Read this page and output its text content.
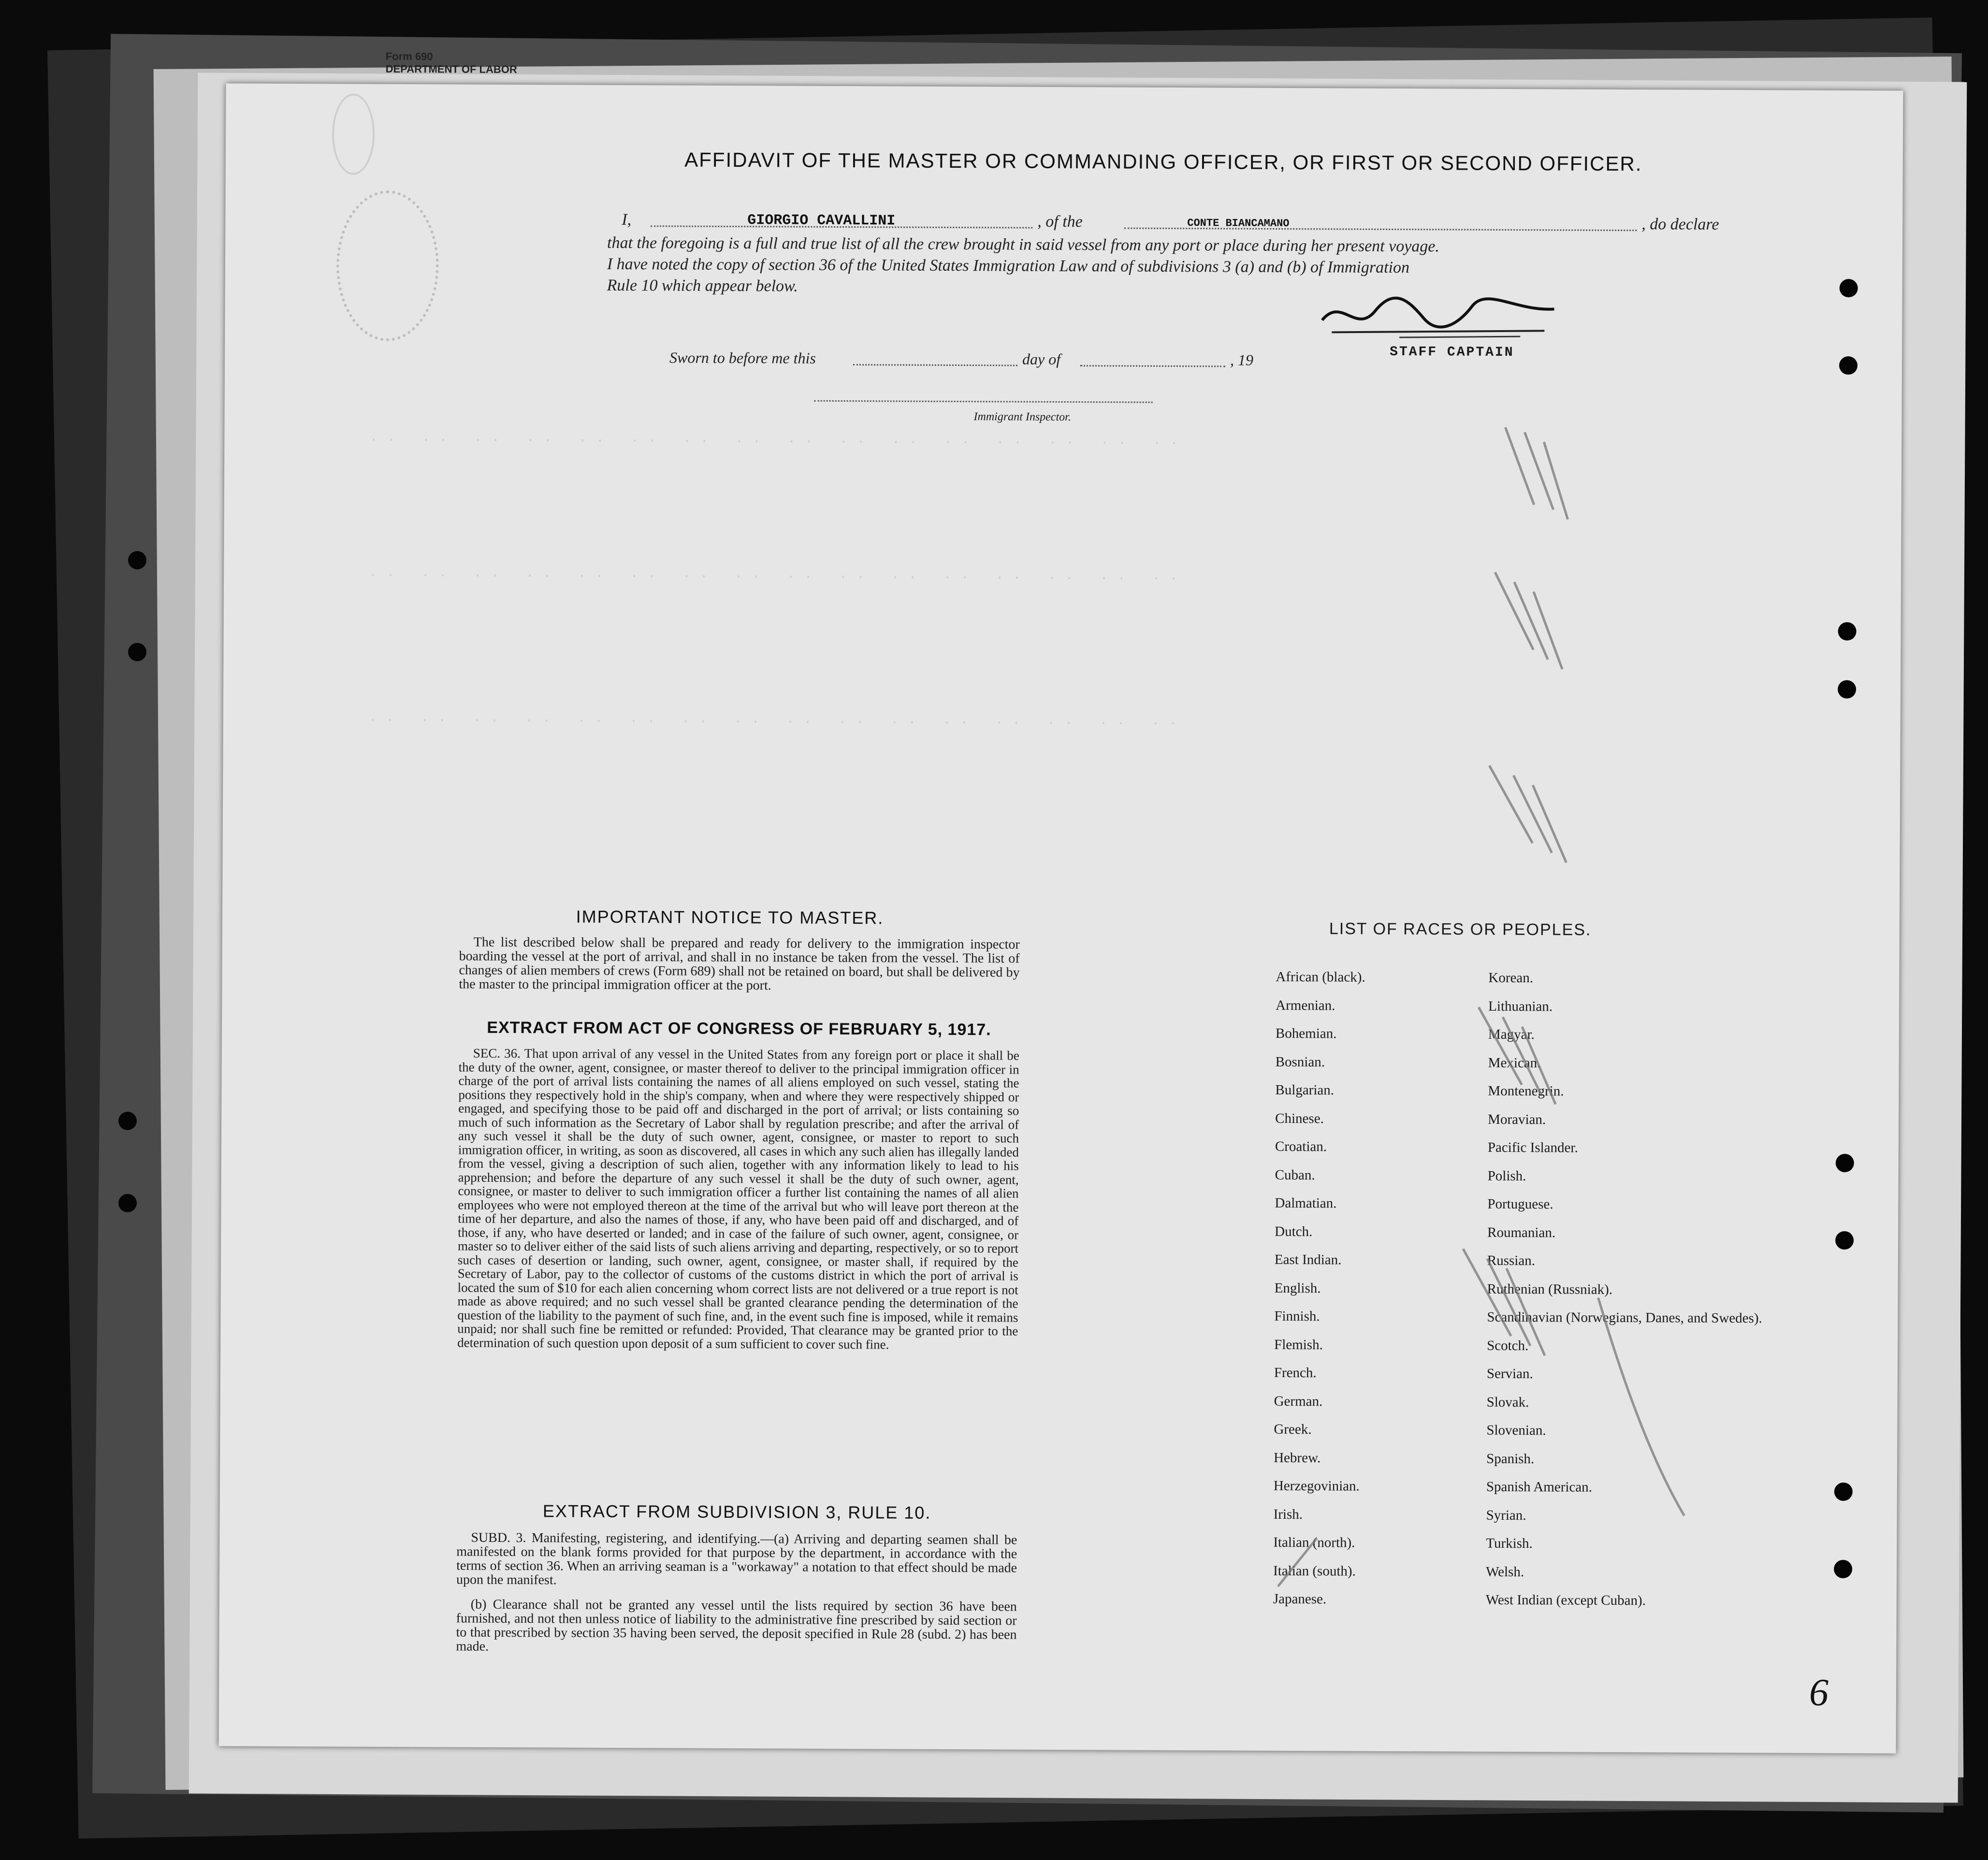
Form 690
DEPARTMENT OF LABOR
AFFIDAVIT OF THE MASTER OR COMMANDING OFFICER, OR FIRST OR SECOND OFFICER.
I,	GIORGIO CAVALLINI	, of the	CONTE BIANCAMANO	, do declare
that the foregoing is a full and true list of all the crew brought in said vessel from any port or place during her present voyage.
I have noted the copy of section 36 of the United States Immigration Law and of subdivisions 3 (a) and (b) of Immigration
Rule 10 which appear below.
STAFF CAPTAIN
Sworn to before me this	day of	, 19
Immigrant Inspector.
·· ·· ·· ·· ·· ·· ·· ·· ·· ·· ·· ·· ·· ·· ·· ··
·· ·· ·· ·· ·· ·· ·· ·· ·· ·· ·· ·· ·· ·· ·· ··
·· ·· ·· ·· ·· ·· ·· ·· ·· ·· ·· ·· ·· ·· ·· ··
IMPORTANT NOTICE TO MASTER.
The list described below shall be prepared and ready for delivery to the immigration inspector boarding the vessel at the port of arrival, and shall in no instance be taken from the vessel. The list of changes of alien members of crews (Form 689) shall not be retained on board, but shall be delivered by the master to the principal immigration officer at the port.
EXTRACT FROM ACT OF CONGRESS OF FEBRUARY 5, 1917.
SEC. 36. That upon arrival of any vessel in the United States from any foreign port or place it shall be the duty of the owner, agent, consignee, or master thereof to deliver to the principal immigration officer in charge of the port of arrival lists containing the names of all aliens employed on such vessel, stating the positions they respectively hold in the ship's company, when and where they were respectively shipped or engaged, and specifying those to be paid off and discharged in the port of arrival; or lists containing so much of such information as the Secretary of Labor shall by regulation prescribe; and after the arrival of any such vessel it shall be the duty of such owner, agent, consignee, or master to report to such immigration officer, in writing, as soon as discovered, all cases in which any such alien has illegally landed from the vessel, giving a description of such alien, together with any information likely to lead to his apprehension; and before the departure of any such vessel it shall be the duty of such owner, agent, consignee, or master to deliver to such immigration officer a further list containing the names of all alien employees who were not employed thereon at the time of the arrival but who will leave port thereon at the time of her departure, and also the names of those, if any, who have been paid off and discharged, and of those, if any, who have deserted or landed; and in case of the failure of such owner, agent, consignee, or master so to deliver either of the said lists of such aliens arriving and departing, respectively, or so to report such cases of desertion or landing, such owner, agent, consignee, or master shall, if required by the Secretary of Labor, pay to the collector of customs of the customs district in which the port of arrival is located the sum of $10 for each alien concerning whom correct lists are not delivered or a true report is not made as above required; and no such vessel shall be granted clearance pending the determination of the question of the liability to the payment of such fine, and, in the event such fine is imposed, while it remains unpaid; nor shall such fine be remitted or refunded: Provided, That clearance may be granted prior to the determination of such question upon deposit of a sum sufficient to cover such fine.
EXTRACT FROM SUBDIVISION 3, RULE 10.
SUBD. 3. Manifesting, registering, and identifying.—(a) Arriving and departing seamen shall be manifested on the blank forms provided for that purpose by the department, in accordance with the terms of section 36. When an arriving seaman is a "workaway" a notation to that effect should be made upon the manifest.
(b) Clearance shall not be granted any vessel until the lists required by section 36 have been furnished, and not then unless notice of liability to the administrative fine prescribed by said section or to that prescribed by section 35 having been served, the deposit specified in Rule 28 (subd. 2) has been made.
LIST OF RACES OR PEOPLES.
African (black).
Armenian.
Bohemian.
Bosnian.
Bulgarian.
Chinese.
Croatian.
Cuban.
Dalmatian.
Dutch.
East Indian.
English.
Finnish.
Flemish.
French.
German.
Greek.
Hebrew.
Herzegovinian.
Irish.
Italian (north).
Italian (south).
Japanese.
Korean.
Lithuanian.
Magyar.
Mexican.
Montenegrin.
Moravian.
Pacific Islander.
Polish.
Portuguese.
Roumanian.
Russian.
Ruthenian (Russniak).
Scandinavian (Norwegians, Danes, and Swedes).
Scotch.
Servian.
Slovak.
Slovenian.
Spanish.
Spanish American.
Syrian.
Turkish.
Welsh.
West Indian (except Cuban).
6
